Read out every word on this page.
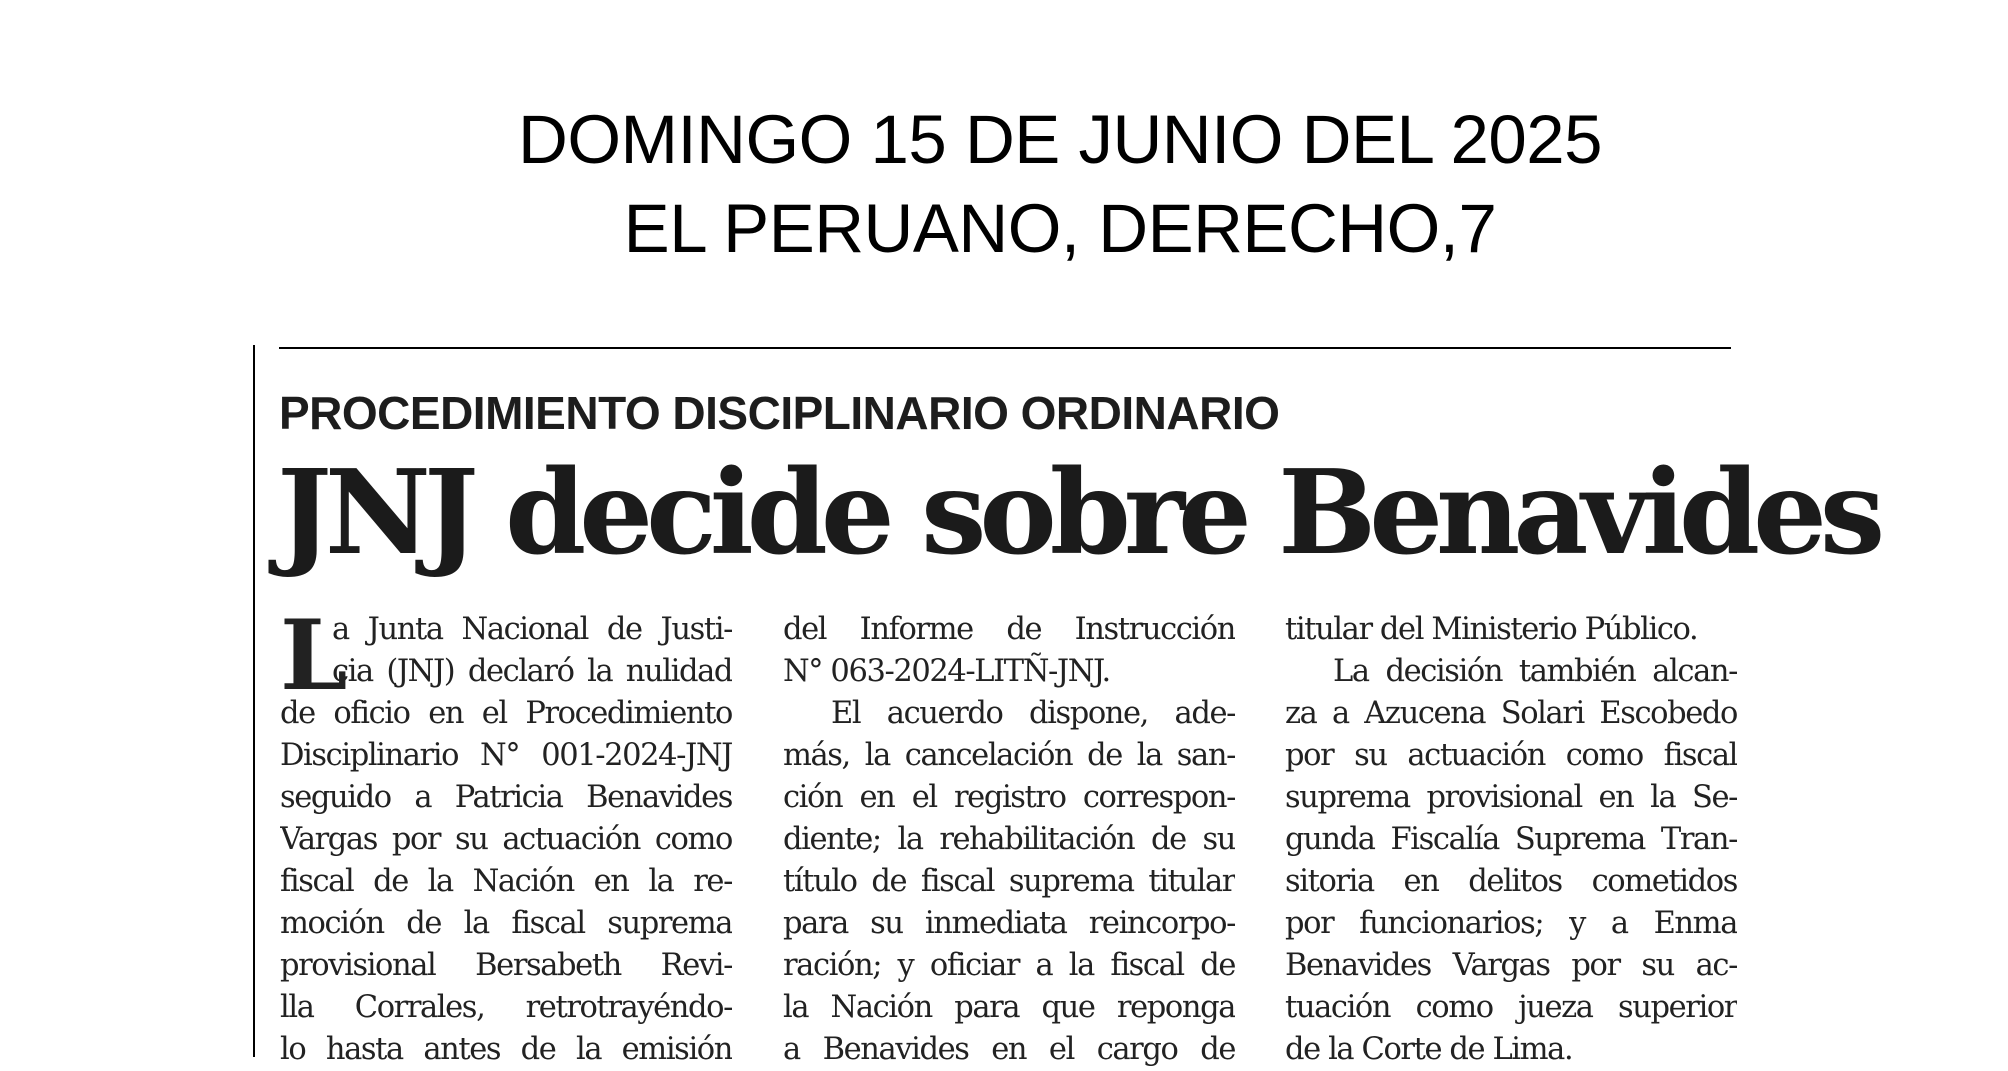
DOMINGO 15 DE JUNIO DEL 2025
EL PERUANO, DERECHO,7
PROCEDIMIENTO DISCIPLINARIO ORDINARIO
JNJ decide sobre Benavides
L
a Junta Nacional de Justi-
cia (JNJ) declaró la nulidad
de oficio en el Procedimiento
Disciplinario N° 001-2024-JNJ
seguido a Patricia Benavides
Vargas por su actuación como
fiscal de la Nación en la re-
moción de la fiscal suprema
provisional Bersabeth Revi-
lla Corrales, retrotrayéndo-
lo hasta antes de la emisión
del Informe de Instrucción
N° 063-2024-LITÑ-JNJ.
El acuerdo dispone, ade-
más, la cancelación de la san-
ción en el registro correspon-
diente; la rehabilitación de su
título de fiscal suprema titular
para su inmediata reincorpo-
ración; y oficiar a la fiscal de
la Nación para que reponga
a Benavides en el cargo de
titular del Ministerio Público.
La decisión también alcan-
za a Azucena Solari Escobedo
por su actuación como fiscal
suprema provisional en la Se-
gunda Fiscalía Suprema Tran-
sitoria en delitos cometidos
por funcionarios; y a Enma
Benavides Vargas por su ac-
tuación como jueza superior
de la Corte de Lima.
